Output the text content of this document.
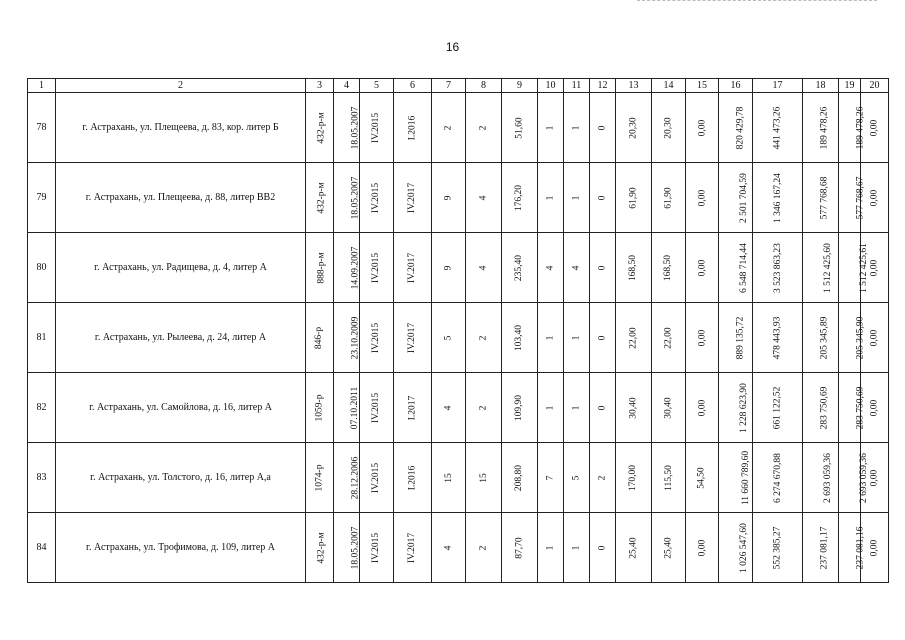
16
1	2	3	4	5	6	7	8	9	10	11	12	13	14	15	16	17	18	19	20
78	г. Астрахань, ул. Плещеева, д. 83, кор. литер Б	432-р-м	18.05.2007	IV.2015	I.2016	2	2	51,60	1	1	0	20,30	20,30	0,00	820 429,78	441 473,26	189 478,26	189 478,26	0,00
79	г. Астрахань, ул. Плещеева, д. 88, литер ВВ2	432-р-м	18.05.2007	IV.2015	IV.2017	9	4	176,20	1	1	0	61,90	61,90	0,00	2 501 704,59	1 346 167,24	577 768,68	577 768,67	0,00
80	г. Астрахань, ул. Радищева, д. 4, литер А	888-р-м	14.09.2007	IV.2015	IV.2017	9	4	235,40	4	4	0	168,50	168,50	0,00	6 548 714,44	3 523 863,23	1 512 425,60	1 512 425,61	0,00
81	г. Астрахань, ул. Рылеева, д. 24, литер А	846-р	23.10.2009	IV.2015	IV.2017	5	2	103,40	1	1	0	22,00	22,00	0,00	889 135,72	478 443,93	205 345,89	205 345,90	0,00
82	г. Астрахань, ул. Самойлова, д. 16, литер А	1059-р	07.10.2011	IV.2015	I.2017	4	2	109,90	1	1	0	30,40	30,40	0,00	1 228 623,90	661 122,52	283 750,69	283 750,69	0,00
83	г. Астрахань, ул. Толстого, д. 16, литер А,а	1074-р	28.12.2006	IV.2015	I.2016	15	15	208,80	7	5	2	170,00	115,50	54,50	11 660 789,60	6 274 670,88	2 693 059,36	2 693 059,36	0,00
84	г. Астрахань, ул. Трофимова, д. 109, литер А	432-р-м	18.05.2007	IV.2015	IV.2017	4	2	87,70	1	1	0	25,40	25,40	0,00	1 026 547,60	552 385,27	237 081,17	237 081,16	0,00
